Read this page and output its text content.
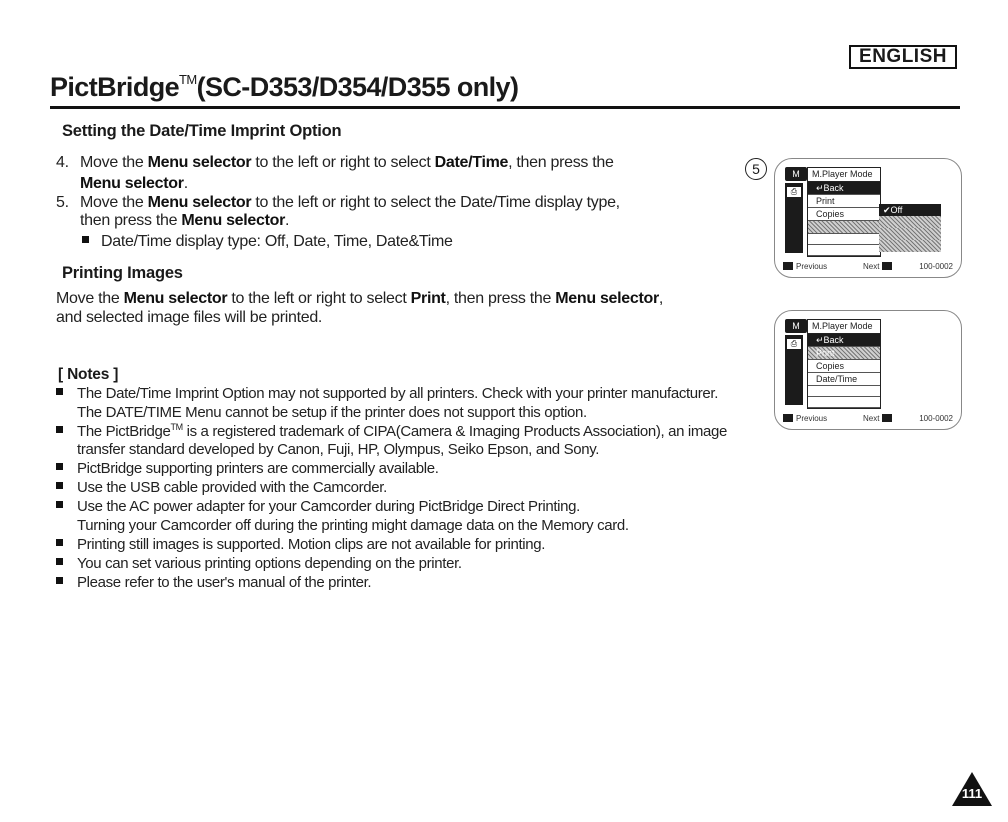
ENGLISH
PictBridge™(SC-D353/D354/D355 only)
Setting the Date/Time Imprint Option
4. Move the Menu selector to the left or right to select Date/Time, then press the
Menu selector.
5. Move the Menu selector to the left or right to select the Date/Time display type,
then press the Menu selector.
Date/Time display type: Off, Date, Time, Date&Time
Printing Images
Move the Menu selector to the left or right to select Print, then press the Menu selector,
and selected image files will be printed.
[ Notes ]
The Date/Time Imprint Option may not supported by all printers. Check with your printer manufacturer.
The DATE/TIME Menu cannot be setup if the printer does not support this option.
The PictBridge™ is a registered trademark of CIPA(Camera & Imaging Products Association), an image
transfer standard developed by Canon, Fuji, HP, Olympus, Seiko Epson, and Sony.
PictBridge supporting printers are commercially available.
Use the USB cable provided with the Camcorder.
Use the AC power adapter for your Camcorder during PictBridge Direct Printing.
Turning your Camcorder off during the printing might damage data on the Memory card.
Printing still images is supported. Motion clips are not available for printing.
You can set various printing options depending on the printer.
Please refer to the user's manual of the printer.
5	M
⎙
M.Player Mode
↵Back
Print
Copies	✔Off

Previous	Next	100-0002
M
⎙
M.Player Mode
↵Back
Print
Copies
Date/Time
Previous	Next	100-0002
111
